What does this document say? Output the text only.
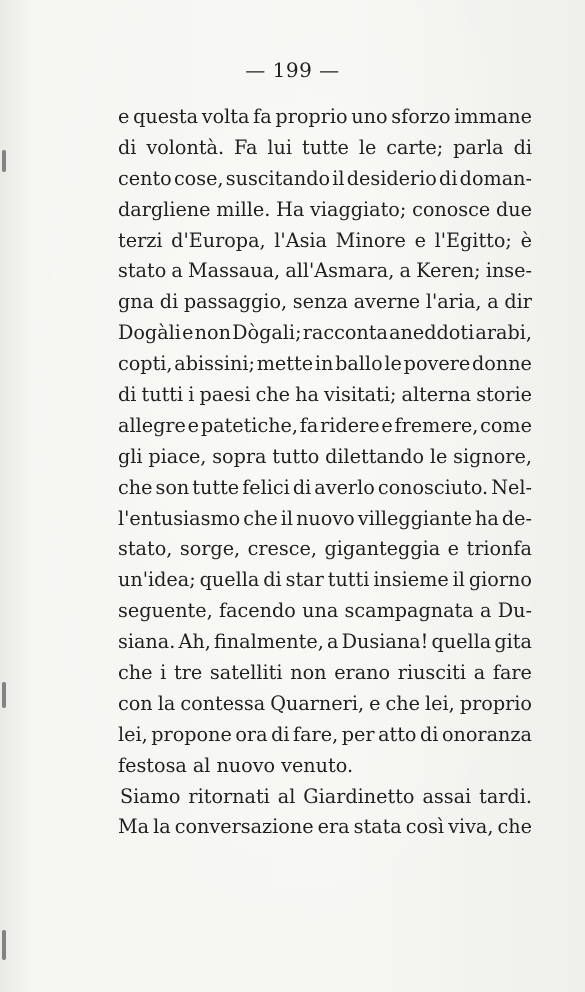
— 199 —
e questa volta fa proprio uno sforzo immane
di volontà. Fa lui tutte le carte; parla di
cento cose, suscitando il desiderio di doman-
dargliene mille. Ha viaggiato; conosce due
terzi d'Europa, l'Asia Minore e l'Egitto; è
stato a Massaua, all'Asmara, a Keren; inse-
gna di passaggio, senza averne l'aria, a dir
Dogàli e non Dògali; racconta aneddoti arabi,
copti, abissini; mette in ballo le povere donne
di tutti i paesi che ha visitati; alterna storie
allegre e patetiche, fa ridere e fremere, come
gli piace, sopra tutto dilettando le signore,
che son tutte felici di averlo conosciuto. Nel-
l'entusiasmo che il nuovo villeggiante ha de-
stato, sorge, cresce, giganteggia e trionfa
un'idea; quella di star tutti insieme il giorno
seguente, facendo una scampagnata a Du-
siana. Ah, finalmente, a Dusiana! quella gita
che i tre satelliti non erano riusciti a fare
con la contessa Quarneri, e che lei, proprio
lei, propone ora di fare, per atto di onoranza
festosa al nuovo venuto.
Siamo ritornati al Giardinetto assai tardi.
Ma la conversazione era stata così viva, che
